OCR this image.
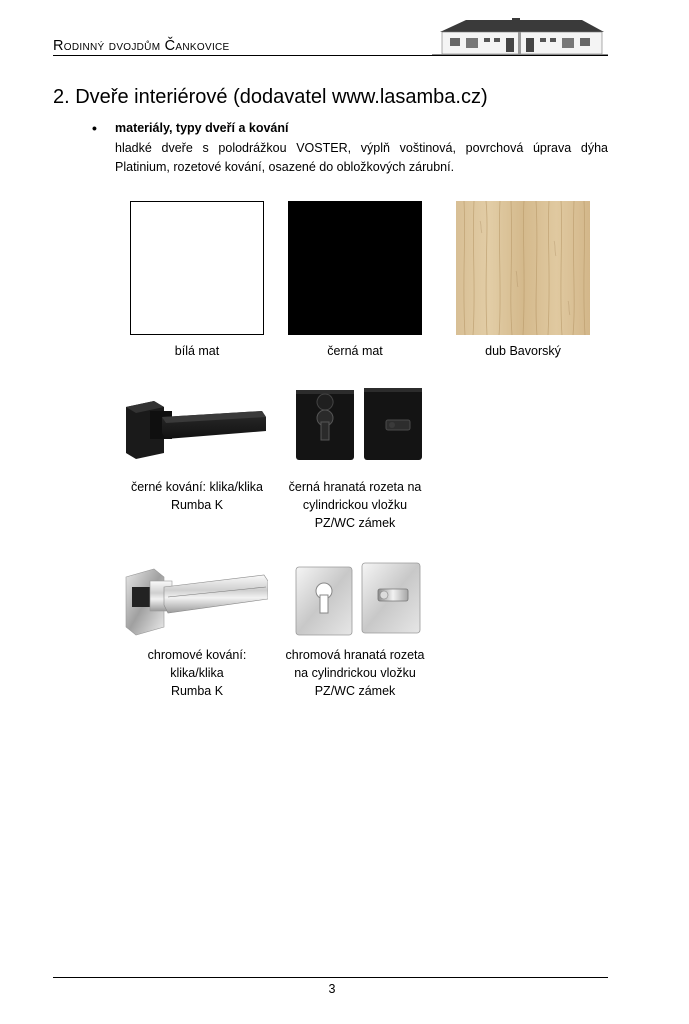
Rodinný dvojdům Čankovice
2. Dveře interiérové (dodavatel www.lasamba.cz)
• materiály, typy dveří a kování
hladké dveře s polodrážkou VOSTER, výplň voštinová, povrchová úprava dýha Platinium, rozetové kování, osazené do obložkových zárubní.
bílá mat	černá mat	dub Bavorský
černé kování: klika/klika
Rumba K
černá hranatá rozeta na
cylindrickou vložku
PZ/WC zámek
chromové kování:
klika/klika
Rumba K
chromová hranatá rozeta
na cylindrickou vložku
PZ/WC zámek
3
